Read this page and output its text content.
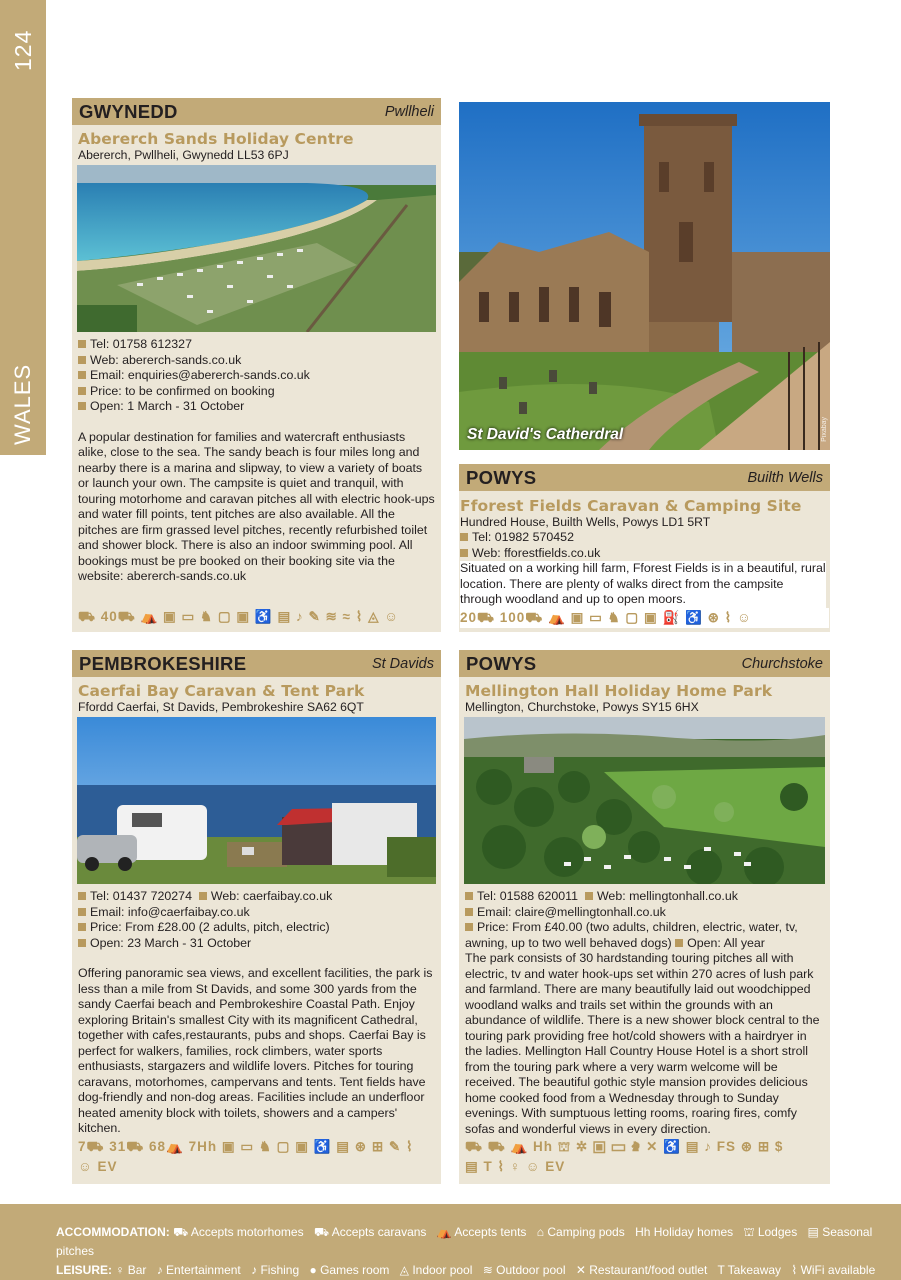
124
WALES
GWYNEDD	Pwllheli
Abererch Sands Holiday Centre
Abererch, Pwllheli, Gwynedd LL53 6PJ
Tel: 01758 612327
Web: abererch-sands.co.uk
Email: enquiries@abererch-sands.co.uk
Price: to be confirmed on booking
Open: 1 March - 31 October
A popular destination for families and watercraft enthusiasts alike, close to the sea. The sandy beach is four miles long and nearby there is a marina and slipway, to view a variety of boats or launch your own. The campsite is quiet and tranquil, with touring motorhome and caravan pitches all with electric hook-ups and water fill points, tent pitches are also available. All the pitches are firm grassed level pitches, recently refurbished toilet and shower block. There is also an indoor swimming pool. All bookings must be pre booked on their booking site via the website: abererch-sands.co.uk
⛟ 40⛟ ⛺ ▣ ▭ ♞ ▢ ▣ ♿ ▤ ♪ ✎ ≋ ≈ ⌇ ◬ ☺
St David's Catherdral	Pixabay
POWYS	Builth Wells
Fforest Fields Caravan & Camping Site
Hundred House, Builth Wells, Powys LD1 5RT
Tel: 01982 570452
Web: fforestfields.co.uk
Situated on a working hill farm, Fforest Fields is in a beautiful, rural location. There are plenty of walks direct from the campsite through woodland and up to open moors.
20⛟ 100⛟ ⛺ ▣ ▭ ♞ ▢ ▣ ⛽ ♿ ⊛ ⌇ ☺
PEMBROKESHIRE	St Davids
Caerfai Bay Caravan & Tent Park
Ffordd Caerfai, St Davids, Pembrokeshire SA62 6QT
Tel: 01437 720274 Web: caerfaibay.co.uk
Email: info@caerfaibay.co.uk
Price: From £28.00 (2 adults, pitch, electric)
Open: 23 March - 31 October
Offering panoramic sea views, and excellent facilities, the park is less than a mile from St Davids, and some 300 yards from the sandy Caerfai beach and Pembrokeshire Coastal Path. Enjoy exploring Britain's smallest City with its magnificent Cathedral, together with cafes,restaurants, pubs and shops. Caerfai Bay is perfect for walkers, families, rock climbers, water sports enthusiasts, stargazers and wildlife lovers. Pitches for touring caravans, motorhomes, campervans and tents. Tent fields have dog-friendly and non-dog areas. Facilities include an underfloor heated amenity block with toilets, showers and a campers' kitchen.
7⛟ 31⛟ 68⛺ 7Hh ▣ ▭ ♞ ▢ ▣ ♿ ▤ ⊛ ⊞ ✎ ⌇
☺ EV
POWYS	Churchstoke
Mellington Hall Holiday Home Park
Mellington, Churchstoke, Powys SY15 6HX
Tel: 01588 620011 Web: mellingtonhall.co.uk
Email: claire@mellingtonhall.co.uk
Price: From £40.00 (two adults, children, electric, water, tv, awning, up to two well behaved dogs) Open: All year
The park consists of 30 hardstanding touring pitches all with electric, tv and water hook-ups set within 270 acres of lush park and farmland. There are many beautifully laid out woodchipped woodland walks and trails set within the grounds with an abundance of wildlife. There is a new shower block central to the touring park providing free hot/cold showers with a hairdryer in the ladies. Mellington Hall Country House Hotel is a short stroll from the touring park where a very warm welcome will be received. The beautiful gothic style mansion provides delicious home cooked food from a Wednesday through to Sunday evenings. With sumptuous letting rooms, roaring fires, comfy sofas and wonderful views in every direction.
⛟ ⛟ ⛺ Hh ⛫ ✲ ▣ ▭ ♞ ✕ ♿ ▤ ♪ FS ⊛ ⊞ $
▤ T ⌇ ♀ ☺ EV
ACCOMMODATION: ⛟ Accepts motorhomes ⛟ Accepts caravans ⛺ Accepts tents ⌂ Camping pods Hh Holiday homes ⛫ Lodges ▤ Seasonal pitches
LEISURE: ♀ Bar ♪ Entertainment ♪ Fishing ● Games room ◬ Indoor pool ≋ Outdoor pool ✕ Restaurant/food outlet T Takeaway ⌇ WiFi available
